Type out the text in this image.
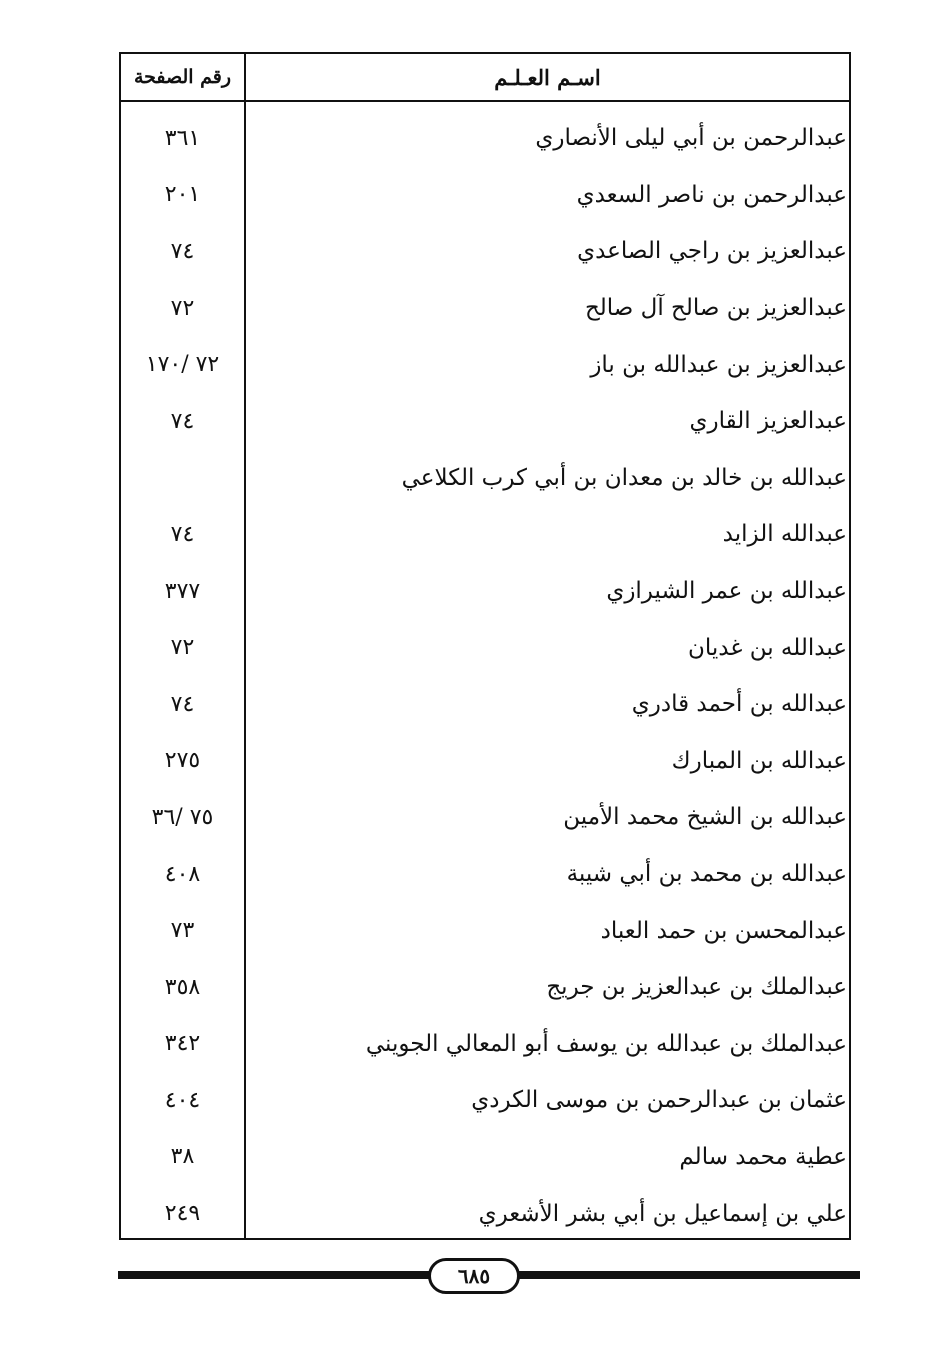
اسـم العـلـم
رقم الصفحة
عبدالرحمن بن أبي ليلى الأنصاري
٣٦١
عبدالرحمن بن ناصر السعدي
٢٠١
عبدالعزيز بن راجي الصاعدي
٧٤
عبدالعزيز بن صالح آل صالح
٧٢
عبدالعزيز بن عبدالله بن باز
٧٢ /١٧٠
عبدالعزيز القاري
٧٤
عبدالله بن خالد بن معدان بن أبي كرب الكلاعي
عبدالله الزايد
٧٤
عبدالله بن عمر الشيرازي
٣٧٧
عبدالله بن غديان
٧٢
عبدالله بن أحمد قادري
٧٤
عبدالله بن المبارك
٢٧٥
عبدالله بن الشيخ محمد الأمين
٧٥ /٣٦
عبدالله بن محمد بن أبي شيبة
٤٠٨
عبدالمحسن بن حمد العباد
٧٣
عبدالملك بن عبدالعزيز بن جريج
٣٥٨
عبدالملك بن عبدالله بن يوسف أبو المعالي الجويني
٣٤٢
عثمان بن عبدالرحمن بن موسى الكردي
٤٠٤
عطية محمد سالم
٣٨
علي بن إسماعيل بن أبي بشر الأشعري
٢٤٩
٦٨٥
